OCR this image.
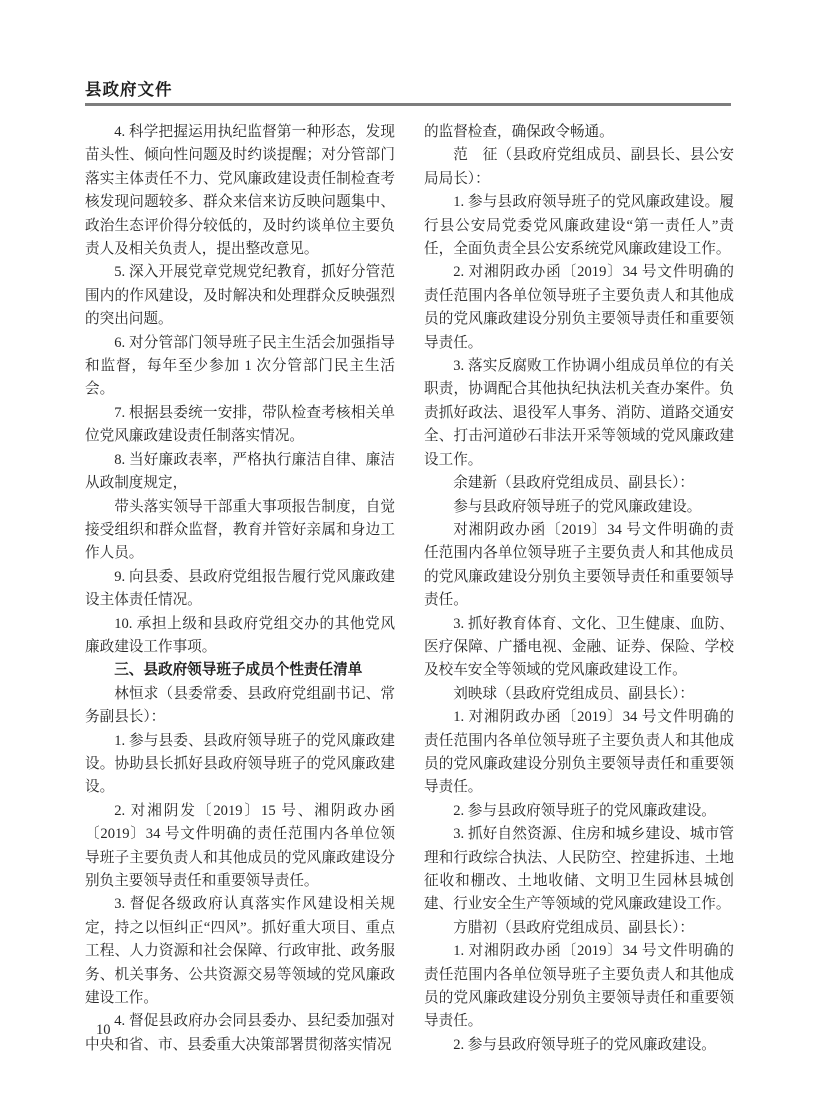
县政府文件

4. 科学把握运用执纪监督第一种形态，发现苗头性、倾向性问题及时约谈提醒；对分管部门落实主体责任不力、党风廉政建设责任制检查考核发现问题较多、群众来信来访反映问题集中、政治生态评价得分较低的，及时约谈单位主要负责人及相关负责人，提出整改意见。

5. 深入开展党章党规党纪教育，抓好分管范围内的作风建设，及时解决和处理群众反映强烈的突出问题。

6. 对分管部门领导班子民主生活会加强指导和监督，每年至少参加 1 次分管部门民主生活会。

7. 根据县委统一安排，带队检查考核相关单位党风廉政建设责任制落实情况。

8. 当好廉政表率，严格执行廉洁自律、廉洁从政制度规定，

带头落实领导干部重大事项报告制度，自觉接受组织和群众监督，教育并管好亲属和身边工作人员。

9. 向县委、县政府党组报告履行党风廉政建设主体责任情况。

10. 承担上级和县政府党组交办的其他党风廉政建设工作事项。

三、县政府领导班子成员个性责任清单

林恒求（县委常委、县政府党组副书记、常务副县长）：

1. 参与县委、县政府领导班子的党风廉政建设。协助县长抓好县政府领导班子的党风廉政建设。

2. 对湘阴发〔2019〕15 号、湘阴政办函〔2019〕34 号文件明确的责任范围内各单位领导班子主要负责人和其他成员的党风廉政建设分别负主要领导责任和重要领导责任。

3. 督促各级政府认真落实作风建设相关规定，持之以恒纠正“四风”。抓好重大项目、重点工程、人力资源和社会保障、行政审批、政务服务、机关事务、公共资源交易等领域的党风廉政建设工作。

4. 督促县政府办会同县委办、县纪委加强对中央和省、市、县委重大决策部署贯彻落实情况

的监督检查，确保政令畅通。

范　征（县政府党组成员、副县长、县公安局局长）：

1. 参与县政府领导班子的党风廉政建设。履行县公安局党委党风廉政建设“第一责任人”责任，全面负责全县公安系统党风廉政建设工作。

2. 对湘阴政办函〔2019〕34 号文件明确的责任范围内各单位领导班子主要负责人和其他成员的党风廉政建设分别负主要领导责任和重要领导责任。

3. 落实反腐败工作协调小组成员单位的有关职责，协调配合其他执纪执法机关查办案件。负责抓好政法、退役军人事务、消防、道路交通安全、打击河道砂石非法开采等领域的党风廉政建设工作。

余建新（县政府党组成员、副县长）：

参与县政府领导班子的党风廉政建设。

对湘阴政办函〔2019〕34 号文件明确的责任范围内各单位领导班子主要负责人和其他成员的党风廉政建设分别负主要领导责任和重要领导责任。

3. 抓好教育体育、文化、卫生健康、血防、医疗保障、广播电视、金融、证券、保险、学校及校车安全等领域的党风廉政建设工作。

刘映球（县政府党组成员、副县长）：

1. 对湘阴政办函〔2019〕34 号文件明确的责任范围内各单位领导班子主要负责人和其他成员的党风廉政建设分别负主要领导责任和重要领导责任。

2. 参与县政府领导班子的党风廉政建设。

3. 抓好自然资源、住房和城乡建设、城市管理和行政综合执法、人民防空、控建拆违、土地征收和棚改、土地收储、文明卫生园林县城创建、行业安全生产等领域的党风廉政建设工作。

方腊初（县政府党组成员、副县长）：

1. 对湘阴政办函〔2019〕34 号文件明确的责任范围内各单位领导班子主要负责人和其他成员的党风廉政建设分别负主要领导责任和重要领导责任。

2. 参与县政府领导班子的党风廉政建设。

10
